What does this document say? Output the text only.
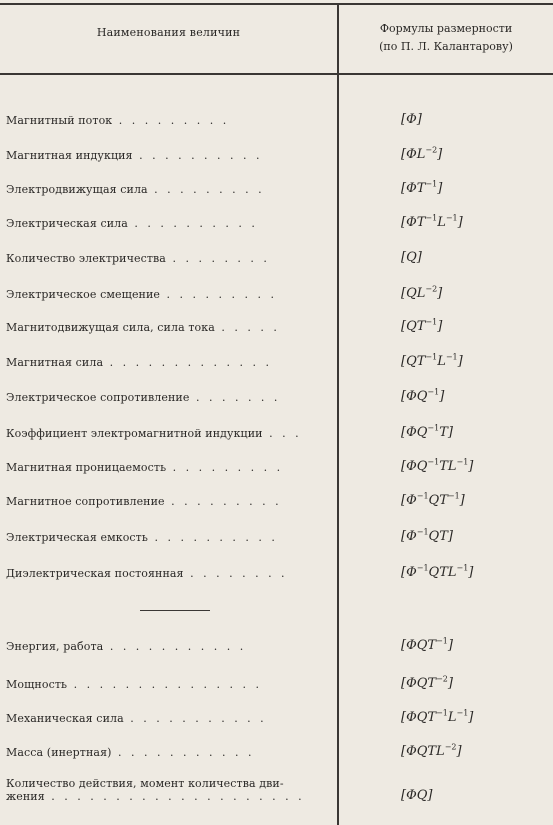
Наименования величин	Формулы размерности
(по П. Л. Калантарову)
Магнитный поток . . . . . . . . .	[Φ]
Магнитная индукция . . . . . . . . . .	$[\Phi L^{-2}]$
Электродвижущая сила . . . . . . . . .	$[\Phi T^{-1}]$
Электрическая сила . . . . . . . . . .	$[\Phi T^{-1}L^{-1}]$
Количество электричества . . . . . . . .	[Q]
Электрическое смещение . . . . . . . . .	$[QL^{-2}]$
Магнитодвижущая сила, сила тока . . . . .	$[QT^{-1}]$
Магнитная сила . . . . . . . . . . . . .	$[QT^{-1}L^{-1}]$
Электрическое сопротивление . . . . . . .	$[\Phi Q^{-1}]$
Коэффициент электромагнитной индукции . . .	$[\Phi Q^{-1}T]$
Магнитная проницаемость . . . . . . . . .	$[\Phi Q^{-1}TL^{-1}]$
Магнитное сопротивление . . . . . . . . .	$[\Phi^{-1}QT^{-1}]$
Электрическая емкость . . . . . . . . . .	$[\Phi^{-1}QT]$
Диэлектрическая постоянная . . . . . . . .	$[\Phi^{-1}QTL^{-1}]$
Энергия, работа . . . . . . . . . . .	$[\Phi QT^{-1}]$
Мощность . . . . . . . . . . . . . . .	$[\Phi QT^{-2}]$
Механическая сила . . . . . . . . . . .	$[\Phi QT^{-1}L^{-1}]$
Масса (инертная) . . . . . . . . . . .	$[\Phi QTL^{-2}]$
Количество действия, момент количества дви-
жения . . . . . . . . . . . . . . . . . . . .	[ΦQ]
